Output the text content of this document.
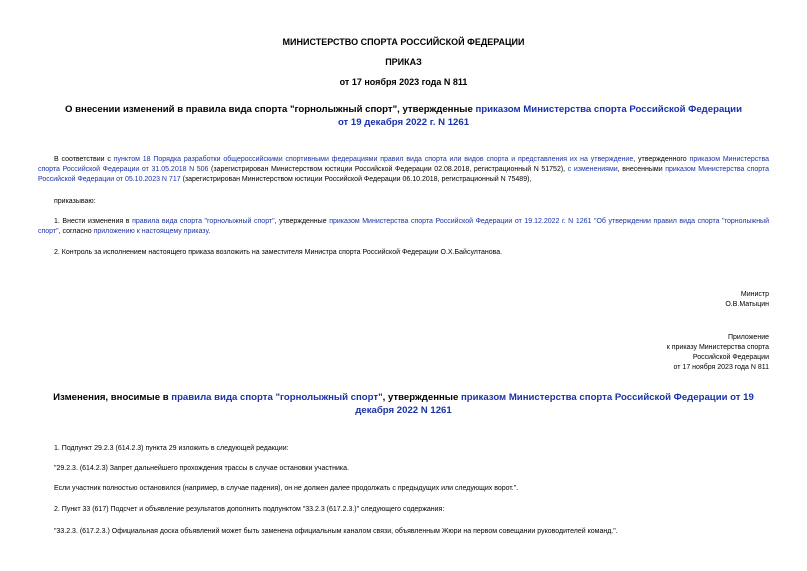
МИНИСТЕРСТВО СПОРТА РОССИЙСКОЙ ФЕДЕРАЦИИ
ПРИКАЗ
от 17 ноября 2023 года N 811
О внесении изменений в правила вида спорта "горнолыжный спорт", утвержденные приказом Министерства спорта Российской Федерации от 19 декабря 2022 г. N 1261
В соответствии с пунктом 18 Порядка разработки общероссийскими спортивными федерациями правил вида спорта или видов спорта и представления их на утверждение, утвержденного приказом Министерства спорта Российской Федерации от 31.05.2018 N 506 (зарегистрирован Министерством юстиции Российской Федерации 02.08.2018, регистрационный N 51752), с изменениями, внесенными приказом Министерства спорта Российской Федерации от 05.10.2023 N 717 (зарегистрирован Министерством юстиции Российской Федерации 06.10.2018, регистрационный N 75489),
приказываю:
1. Внести изменения в правила вида спорта "горнолыжный спорт", утвержденные приказом Министерства спорта Российской Федерации от 19.12.2022 г. N 1261 "Об утверждении правил вида спорта "горнолыжный спорт", согласно приложению к настоящему приказу.
2. Контроль за исполнением настоящего приказа возложить на заместителя Министра спорта Российской Федерации О.Х.Байсултанова.
Министр
О.В.Матыцин
Приложение
к приказу Министерства спорта
Российской Федерации
от 17 ноября 2023 года N 811
Изменения, вносимые в правила вида спорта "горнолыжный спорт", утвержденные приказом Министерства спорта Российской Федерации от 19 декабря 2022 N 1261
1. Подпункт 29.2.3 (614.2.3) пункта 29 изложить в следующей редакции:
"29.2.3. (614.2.3) Запрет дальнейшего прохождения трассы в случае остановки участника.
Если участник полностью остановился (например, в случае падения), он не должен далее продолжать с предыдущих или следующих ворот.".
2. Пункт 33 (617) Подсчет и объявление результатов дополнить подпунктом "33.2.3 (617.2.3.)" следующего содержания:
"33.2.3. (617.2.3.) Официальная доска объявлений может быть заменена официальным каналом связи, объявленным Жюри на первом совещании руководителей команд.".
